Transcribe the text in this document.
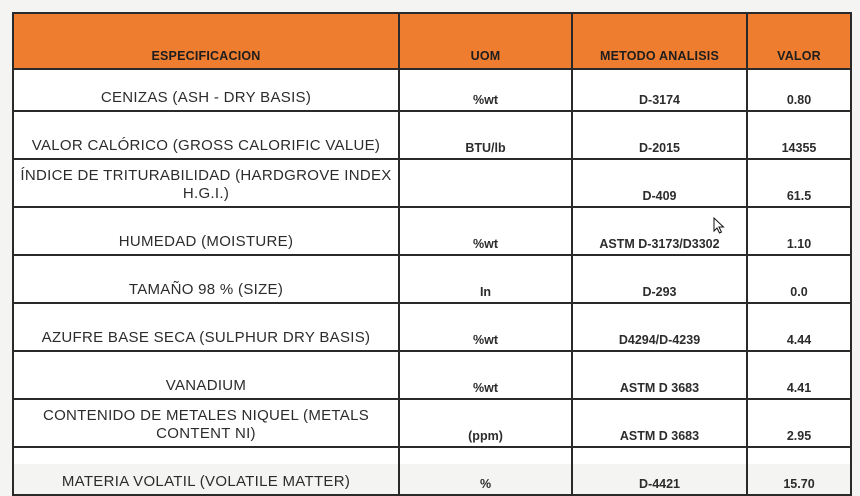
ESPECIFICACION	UOM	METODO ANALISIS	VALOR
CENIZAS (ASH - DRY BASIS)	%wt	D-3174	0.80
VALOR CALÓRICO (GROSS CALORIFIC VALUE)	BTU/lb	D-2015	14355
ÍNDICE DE TRITURABILIDAD (HARDGROVE INDEX H.G.I.)		D-409	61.5
HUMEDAD (MOISTURE)	%wt	ASTM D-3173/D3302	1.10
TAMAÑO 98 % (SIZE)	In	D-293	0.0
AZUFRE BASE SECA (SULPHUR DRY BASIS)	%wt	D4294/D-4239	4.44
VANADIUM	%wt	ASTM D 3683	4.41
CONTENIDO DE METALES NIQUEL (METALS CONTENT NI)	(ppm)	ASTM D 3683	2.95
MATERIA VOLATIL (VOLATILE MATTER)	%	D-4421	15.70
